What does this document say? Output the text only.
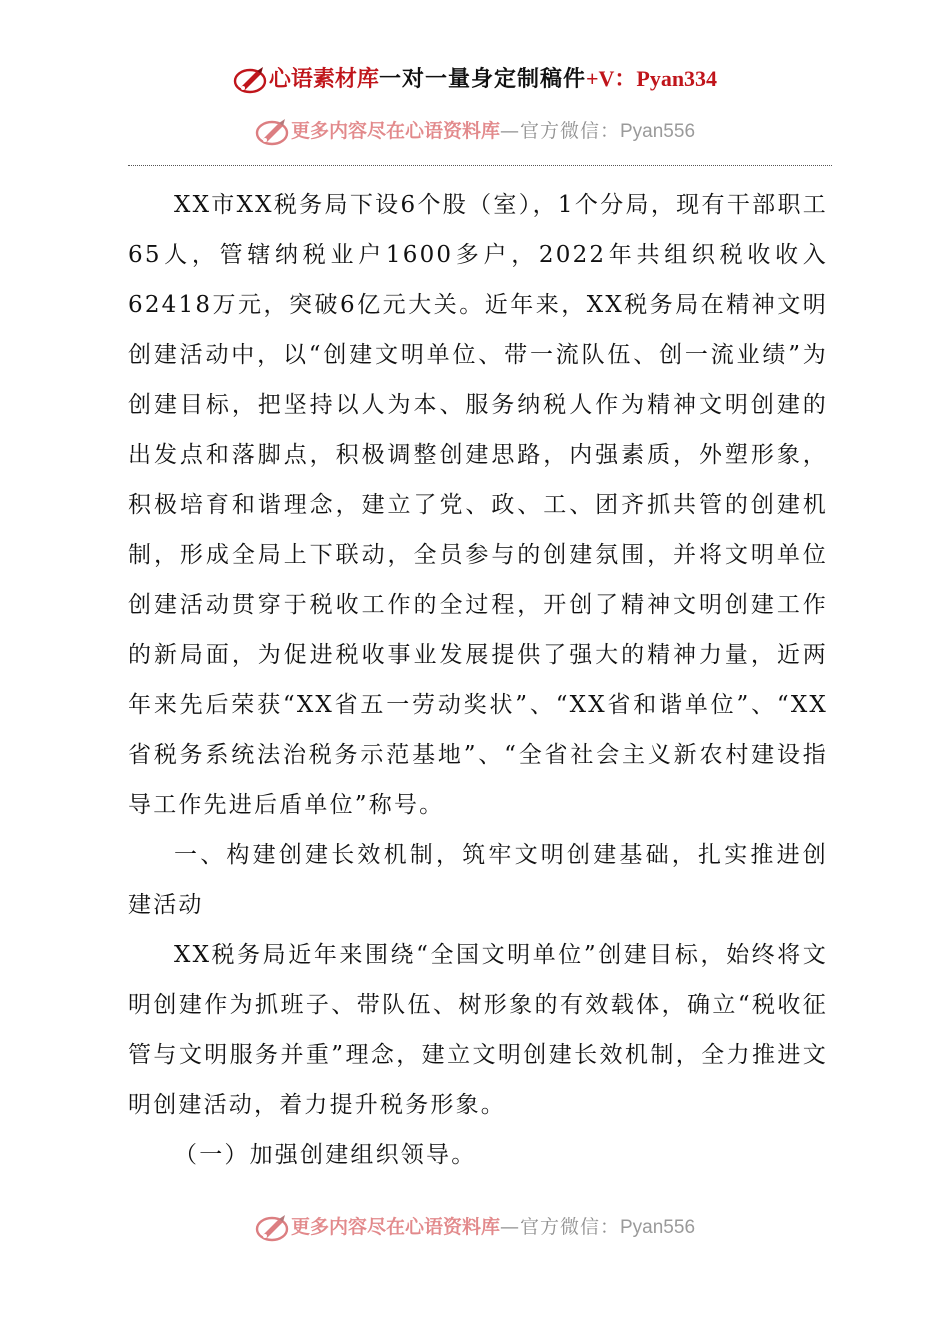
心语素材库一对一量身定制稿件+V：Pyan334
更多内容尽在心语资料库—官方微信：Pyan556

XX市XX税务局下设6个股（室），1个分局，现有干部职工65人，管辖纳税业户1600多户，2022年共组织税收收入62418万元，突破6亿元大关。近年来，XX税务局在精神文明创建活动中，以“创建文明单位、带一流队伍、创一流业绩”为创建目标，把坚持以人为本、服务纳税人作为精神文明创建的出发点和落脚点，积极调整创建思路，内强素质，外塑形象，积极培育和谐理念，建立了党、政、工、团齐抓共管的创建机制，形成全局上下联动，全员参与的创建氛围，并将文明单位创建活动贯穿于税收工作的全过程，开创了精神文明创建工作的新局面，为促进税收事业发展提供了强大的精神力量，近两年来先后荣获“XX省五一劳动奖状”、“XX省和谐单位”、“XX省税务系统法治税务示范基地”、“全省社会主义新农村建设指导工作先进后盾单位”称号。

一、构建创建长效机制，筑牢文明创建基础，扎实推进创建活动

XX税务局近年来围绕“全国文明单位”创建目标，始终将文明创建作为抓班子、带队伍、树形象的有效载体，确立“税收征管与文明服务并重”理念，建立文明创建长效机制，全力推进文明创建活动，着力提升税务形象。

（一）加强创建组织领导。

更多内容尽在心语资料库—官方微信：Pyan556
